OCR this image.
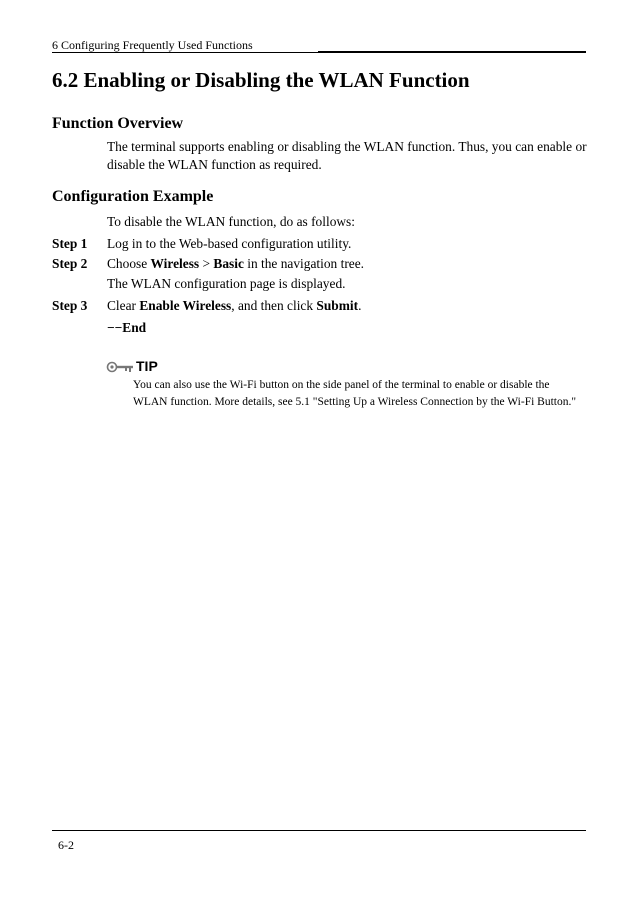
6 Configuring Frequently Used Functions
6.2 Enabling or Disabling the WLAN Function
Function Overview
The terminal supports enabling or disabling the WLAN function. Thus, you can enable or disable the WLAN function as required.
Configuration Example
To disable the WLAN function, do as follows:
Step 1 Log in to the Web-based configuration utility.
Step 2 Choose Wireless > Basic in the navigation tree.
The WLAN configuration page is displayed.
Step 3 Clear Enable Wireless, and then click Submit.
−−End
TIP
You can also use the Wi-Fi button on the side panel of the terminal to enable or disable the WLAN function. More details, see 5.1 "Setting Up a Wireless Connection by the Wi-Fi Button."
6-2
